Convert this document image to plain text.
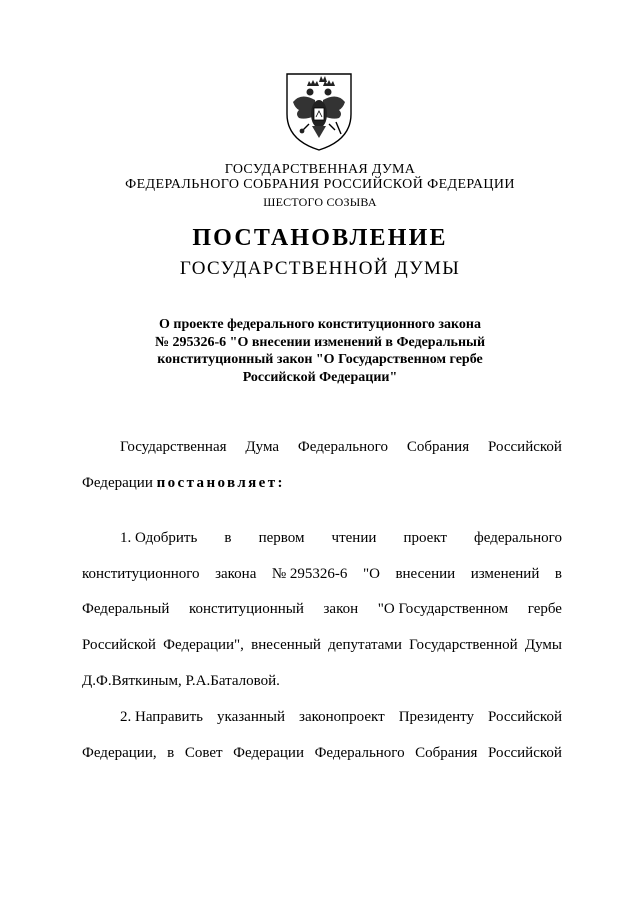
ГОСУДАРСТВЕННАЯ ДУМА
ФЕДЕРАЛЬНОГО СОБРАНИЯ РОССИЙСКОЙ ФЕДЕРАЦИИ
ШЕСТОГО СОЗЫВА
ПОСТАНОВЛЕНИЕ
ГОСУДАРСТВЕННОЙ ДУМЫ
О проекте федерального конституционного закона
№ 295326-6 "О внесении изменений в Федеральный
конституционный закон "О Государственном гербе
Российской Федерации"
Государственная Дума Федерального Собрания Российской
Федерации постановляет:
1. Одобрить в первом чтении проект федерального
конституционного закона № 295326-6 "О внесении изменений в
Федеральный конституционный закон "О Государственном гербе
Российской Федерации", внесенный депутатами Государственной Думы
Д.Ф.Вяткиным, Р.А.Баталовой.
2. Направить указанный законопроект Президенту Российской
Федерации, в Совет Федерации Федерального Собрания Российской
